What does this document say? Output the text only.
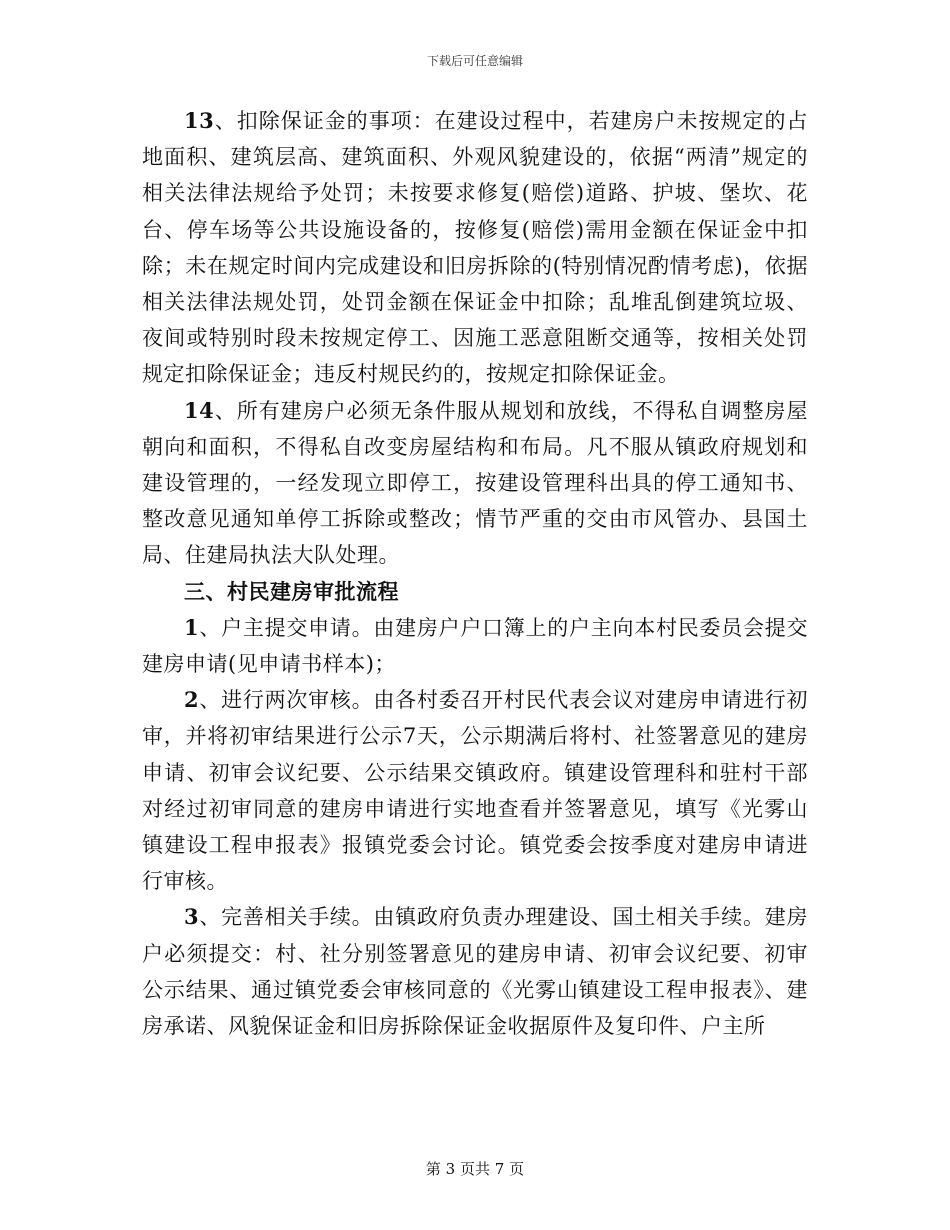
下载后可任意编辑

13、扣除保证金的事项：在建设过程中，若建房户未按规定的占地面积、建筑层高、建筑面积、外观风貌建设的，依据“两清”规定的相关法律法规给予处罚；未按要求修复(赔偿)道路、护坡、堡坎、花台、停车场等公共设施设备的，按修复(赔偿)需用金额在保证金中扣除；未在规定时间内完成建设和旧房拆除的(特别情况酌情考虑)，依据相关法律法规处罚，处罚金额在保证金中扣除；乱堆乱倒建筑垃圾、夜间或特别时段未按规定停工、因施工恶意阻断交通等，按相关处罚规定扣除保证金；违反村规民约的，按规定扣除保证金。

14、所有建房户必须无条件服从规划和放线，不得私自调整房屋朝向和面积，不得私自改变房屋结构和布局。凡不服从镇政府规划和建设管理的，一经发现立即停工，按建设管理科出具的停工通知书、整改意见通知单停工拆除或整改；情节严重的交由市风管办、县国土局、住建局执法大队处理。

三、村民建房审批流程

1、户主提交申请。由建房户户口簿上的户主向本村民委员会提交建房申请(见申请书样本)；

2、进行两次审核。由各村委召开村民代表会议对建房申请进行初审，并将初审结果进行公示7天，公示期满后将村、社签署意见的建房申请、初审会议纪要、公示结果交镇政府。镇建设管理科和驻村干部对经过初审同意的建房申请进行实地查看并签署意见，填写《光雾山镇建设工程申报表》报镇党委会讨论。镇党委会按季度对建房申请进行审核。

3、完善相关手续。由镇政府负责办理建设、国土相关手续。建房户必须提交：村、社分别签署意见的建房申请、初审会议纪要、初审公示结果、通过镇党委会审核同意的《光雾山镇建设工程申报表》、建房承诺、风貌保证金和旧房拆除保证金收据原件及复印件、户主所

第 3 页共 7 页
